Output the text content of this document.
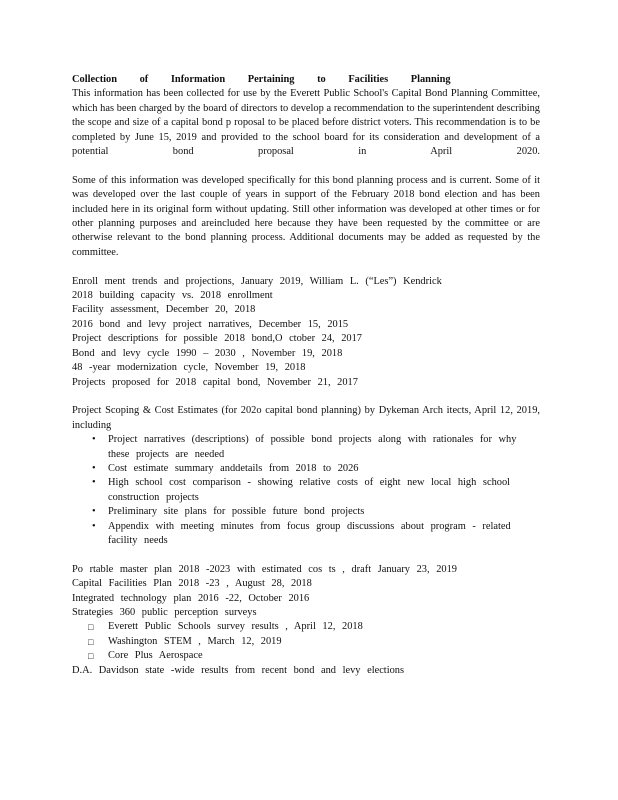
Collection of Information Pertaining to Facilities Planning

This information has been collected for use by the Everett Public School's Capital Bond Planning Committee, which has been charged by the board of directors to develop a recommendation to the superintendent describing the scope and size of a capital bond p roposal to be placed before district voters. This recommendation is to be completed by June 15, 2019 and provided to the school board for its consideration and development of a potential bond proposal in April 2020.

Some of this information was developed specifically for this bond planning process and is current. Some of it was developed over the last couple of years in support of the February 2018 bond election and has been included here in its original form without updating. Still other information was developed at other times or for other planning purposes and areincluded here because they have been requested by the committee or are otherwise relevant to the bond planning process. Additional documents may be added as requested by the committee.

Enroll ment trends and projections, January 2019, William L. (“Les”) Kendrick
2018 building capacity vs. 2018 enrollment
Facility assessment, December 20, 2018
2016 bond and levy project narratives, December 15, 2015
Project descriptions for possible 2018 bond,O ctober 24, 2017
Bond and levy cycle 1990 – 2030 , November 19, 2018
48 -year modernization cycle, November 19, 2018
Projects proposed for 2018 capital bond, November 21, 2017

Project Scoping & Cost Estimates (for 202o capital bond planning) by Dykeman Arch itects, April 12, 2019, including

• Project narratives (descriptions) of possible bond projects along with rationales for why these projects are needed
• Cost estimate summary anddetails from 2018 to 2026
• High school cost comparison - showing relative costs of eight new local high school construction projects
• Preliminary site plans for possible future bond projects
• Appendix with meeting minutes from focus group discussions about program - related facility needs
Po rtable master plan 2018 -2023 with estimated cos ts , draft January 23, 2019
Capital Facilities Plan 2018 -23 , August 28, 2018
Integrated technology plan 2016 -22, October 2016
Strategies 360 public perception surveys
□ Everett Public Schools survey results , April 12, 2018
□ Washington STEM , March 12, 2019
□ Core Plus Aerospace
D.A. Davidson state -wide results from recent bond and levy elections
